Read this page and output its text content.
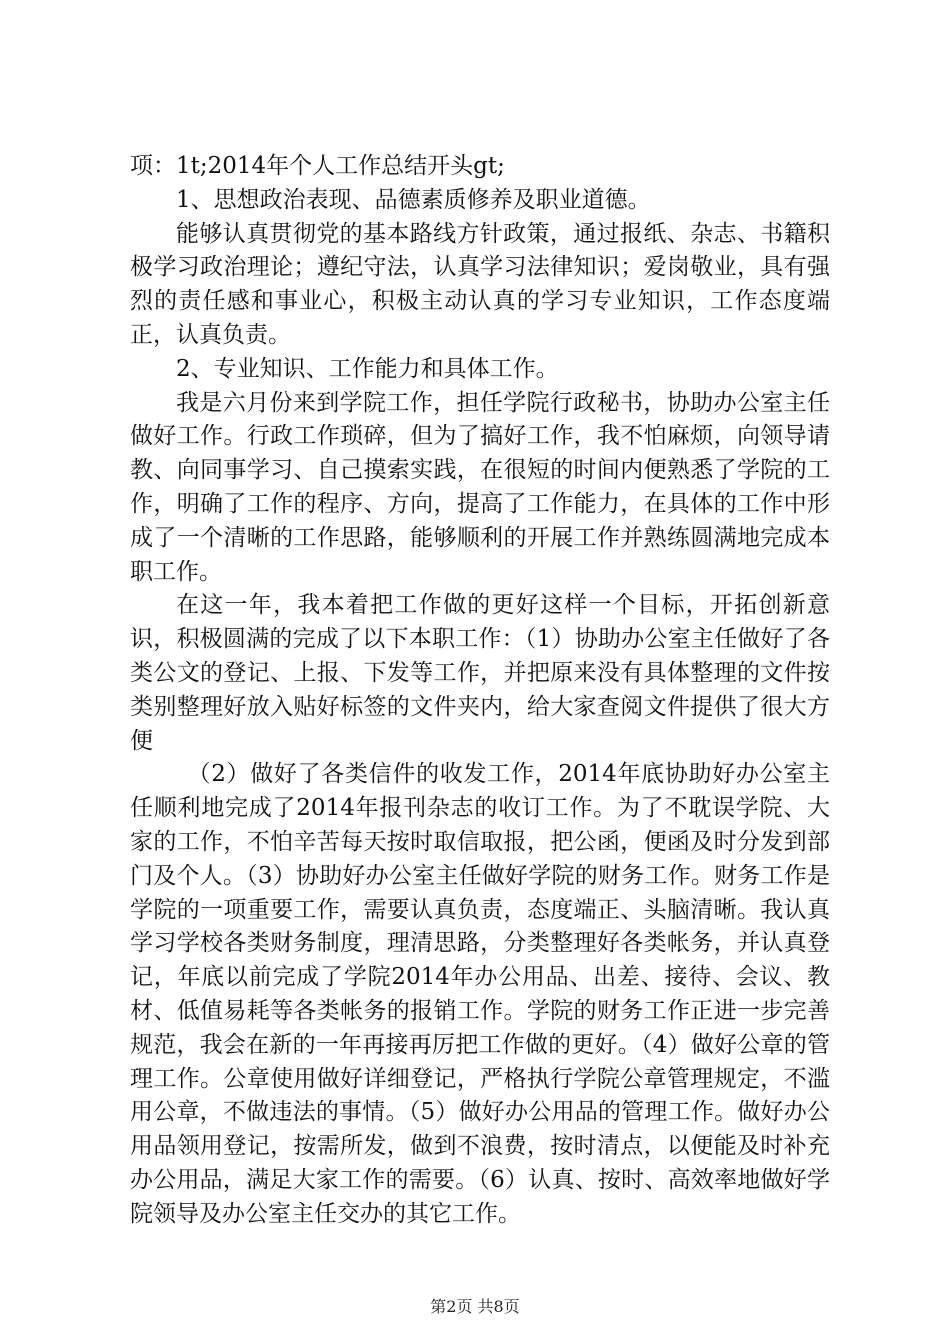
项：1t;2014年个人工作总结开头gt;

1、思想政治表现、品德素质修养及职业道德。

能够认真贯彻党的基本路线方针政策，通过报纸、杂志、书籍积极学习政治理论；遵纪守法，认真学习法律知识；爱岗敬业，具有强烈的责任感和事业心，积极主动认真的学习专业知识，工作态度端正，认真负责。

2、专业知识、工作能力和具体工作。

我是六月份来到学院工作，担任学院行政秘书，协助办公室主任做好工作。行政工作琐碎，但为了搞好工作，我不怕麻烦，向领导请教、向同事学习、自己摸索实践，在很短的时间内便熟悉了学院的工作，明确了工作的程序、方向，提高了工作能力，在具体的工作中形成了一个清晰的工作思路，能够顺利的开展工作并熟练圆满地完成本职工作。

在这一年，我本着把工作做的更好这样一个目标，开拓创新意识，积极圆满的完成了以下本职工作：（1）协助办公室主任做好了各类公文的登记、上报、下发等工作，并把原来没有具体整理的文件按类别整理好放入贴好标签的文件夹内，给大家查阅文件提供了很大方便

（2）做好了各类信件的收发工作，2014年底协助好办公室主任顺利地完成了2014年报刊杂志的收订工作。为了不耽误学院、大家的工作，不怕辛苦每天按时取信取报，把公函，便函及时分发到部门及个人。（3）协助好办公室主任做好学院的财务工作。财务工作是学院的一项重要工作，需要认真负责，态度端正、头脑清晰。我认真学习学校各类财务制度，理清思路，分类整理好各类帐务，并认真登记，年底以前完成了学院2014年办公用品、出差、接待、会议、教材、低值易耗等各类帐务的报销工作。学院的财务工作正进一步完善规范，我会在新的一年再接再厉把工作做的更好。（4）做好公章的管理工作。公章使用做好详细登记，严格执行学院公章管理规定，不滥用公章，不做违法的事情。（5）做好办公用品的管理工作。做好办公用品领用登记，按需所发，做到不浪费，按时清点，以便能及时补充办公用品，满足大家工作的需要。（6）认真、按时、高效率地做好学院领导及办公室主任交办的其它工作。

第2页 共8页
